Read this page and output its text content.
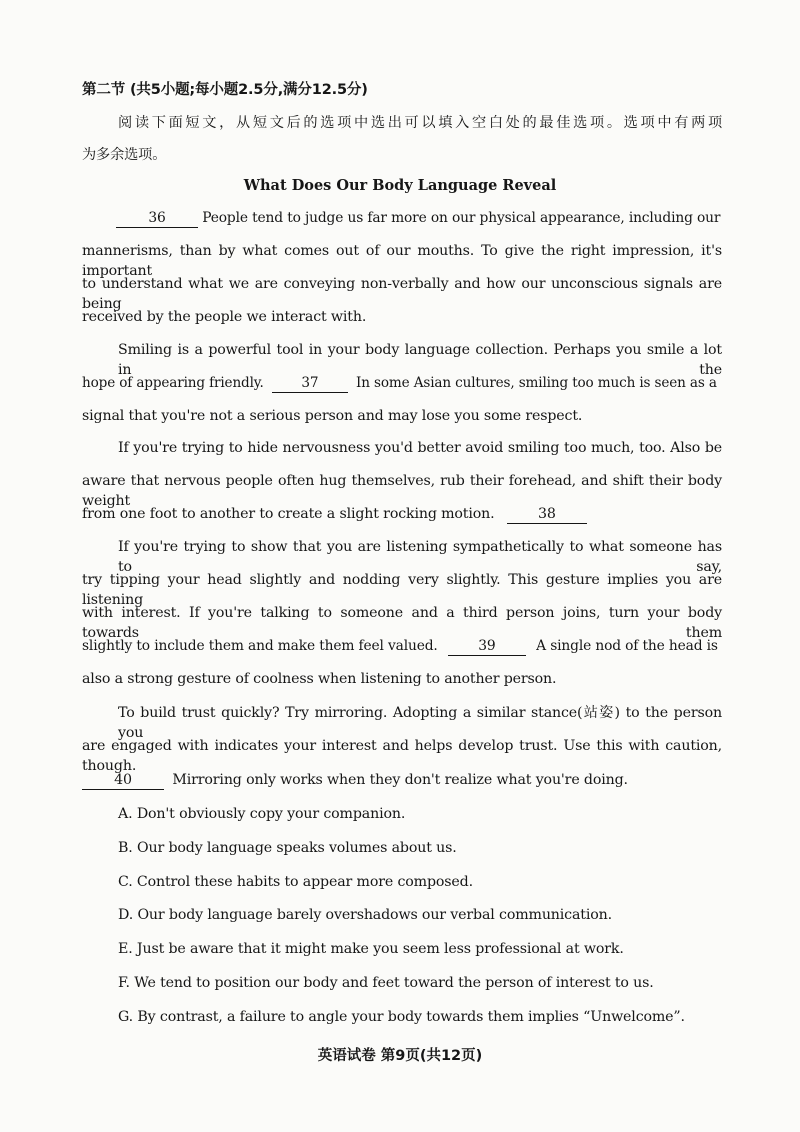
第二节 (共5小题;每小题2.5分,满分12.5分)
阅读下面短文，从短文后的选项中选出可以填入空白处的最佳选项。选项中有两项
为多余选项。
What Does Our Body Language Reveal
36	People tend to judge us far more on our physical appearance, including our
mannerisms, than by what comes out of our mouths. To give the right impression, it's important
to understand what we are conveying non-verbally and how our unconscious signals are being
received by the people we interact with.
Smiling is a powerful tool in your body language collection. Perhaps you smile a lot in the
hope of appearing friendly.	37	In some Asian cultures, smiling too much is seen as a
signal that you're not a serious person and may lose you some respect.
If you're trying to hide nervousness you'd better avoid smiling too much, too. Also be
aware that nervous people often hug themselves, rub their forehead, and shift their body weight
from one foot to another to create a slight rocking motion.	38
If you're trying to show that you are listening sympathetically to what someone has to say,
try tipping your head slightly and nodding very slightly. This gesture implies you are listening
with interest. If you're talking to someone and a third person joins, turn your body towards them
slightly to include them and make them feel valued.	39	A single nod of the head is
also a strong gesture of coolness when listening to another person.
To build trust quickly? Try mirroring. Adopting a similar stance(站姿) to the person you
are engaged with indicates your interest and helps develop trust. Use this with caution, though.
40	Mirroring only works when they don't realize what you're doing.
A. Don't obviously copy your companion.
B. Our body language speaks volumes about us.
C. Control these habits to appear more composed.
D. Our body language barely overshadows our verbal communication.
E. Just be aware that it might make you seem less professional at work.
F. We tend to position our body and feet toward the person of interest to us.
G. By contrast, a failure to angle your body towards them implies “Unwelcome”.
英语试卷 第9页(共12页)
